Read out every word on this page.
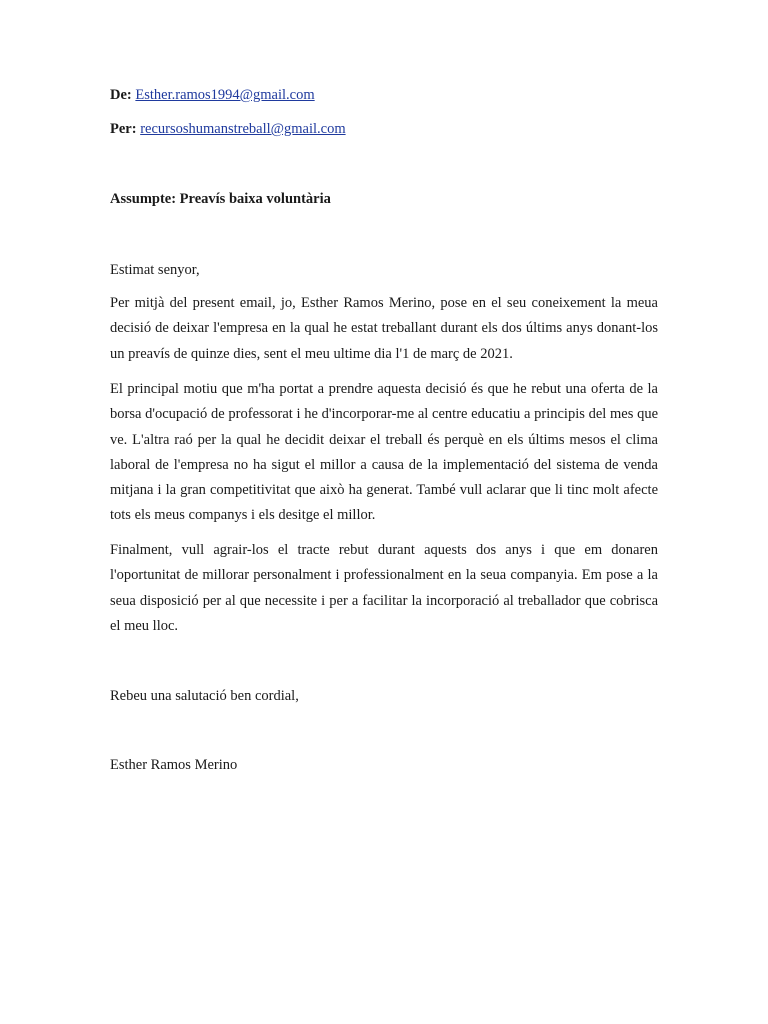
De: Esther.ramos1994@gmail.com
Per: recursoshumanstreball@gmail.com
Assumpte: Preavís baixa voluntària
Estimat senyor,

Per mitjà del present email, jo, Esther Ramos Merino, pose en el seu coneixement la meua decisió de deixar l'empresa en la qual he estat treballant durant els dos últims anys donant-los un preavís de quinze dies, sent el meu ultime dia l'1 de març de 2021.

El principal motiu que m'ha portat a prendre aquesta decisió és que he rebut una oferta de la borsa d'ocupació de professorat i he d'incorporar-me al centre educatiu a principis del mes que ve. L'altra raó per la qual he decidit deixar el treball és perquè en els últims mesos el clima laboral de l'empresa no ha sigut el millor a causa de la implementació del sistema de venda mitjana i la gran competitivitat que això ha generat. També vull aclarar que li tinc molt afecte tots els meus companys i els desitge el millor.

Finalment, vull agrair-los el tracte rebut durant aquests dos anys i que em donaren l'oportunitat de millorar personalment i professionalment en la seua companyia. Em pose a la seua disposició per al que necessite i per a facilitar la incorporació al treballador que cobrisca el meu lloc.

Rebeu una salutació ben cordial,
Esther Ramos Merino
